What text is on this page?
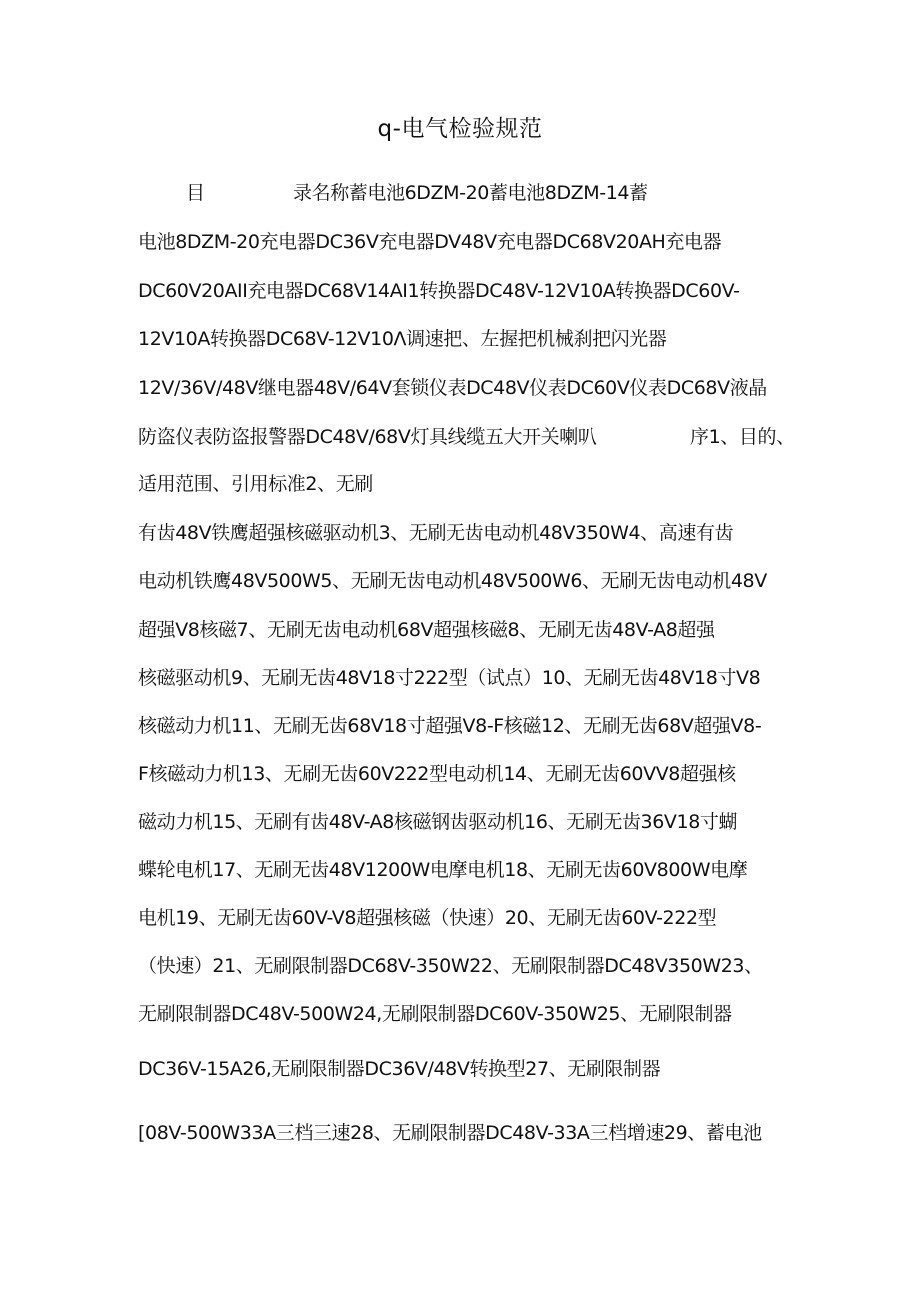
q-电气检验规范
目	录名称蓄电池6DZM-20蓄电池8DZM-14蓄
电池8DZM-20充电器DC36V充电器DV48V充电器DC68V20AH充电器
DC60V20AII充电器DC68V14AI1转换器DC48V-12V10A转换器DC60V-
12V10A转换器DC68V-12V10Λ调速把、左握把机械刹把闪光器
12V/36V/48V继电器48V/64V套锁仪表DC48V仪表DC60V仪表DC68V液晶
防盗仪表防盗报警器DC48V/68V灯具线缆五大开关喇叭	序1、目的、
适用范围、引用标准2、无刷
有齿48V铁鹰超强核磁驱动机3、无刷无齿电动机48V350W4、高速有齿
电动机铁鹰48V500W5、无刷无齿电动机48V500W6、无刷无齿电动机48V
超强V8核磁7、无刷无齿电动机68V超强核磁8、无刷无齿48V-A8超强
核磁驱动机9、无刷无齿48V18寸222型（试点）10、无刷无齿48V18寸V8
核磁动力机11、无刷无齿68V18寸超强V8-F核磁12、无刷无齿68V超强V8-
F核磁动力机13、无刷无齿60V222型电动机14、无刷无齿60VV8超强核
磁动力机15、无刷有齿48V-A8核磁钢齿驱动机16、无刷无齿36V18寸蝴
蝶轮电机17、无刷无齿48V1200W电摩电机18、无刷无齿60V800W电摩
电机19、无刷无齿60V-V8超强核磁（快速）20、无刷无齿60V-222型
（快速）21、无刷限制器DC68V-350W22、无刷限制器DC48V350W23、
无刷限制器DC48V-500W24,无刷限制器DC60V-350W25、无刷限制器
DC36V-15A26,无刷限制器DC36V/48V转换型27、无刷限制器
[08V-500W33A三档三速28、无刷限制器DC48V-33A三档增速29、蓄电池
